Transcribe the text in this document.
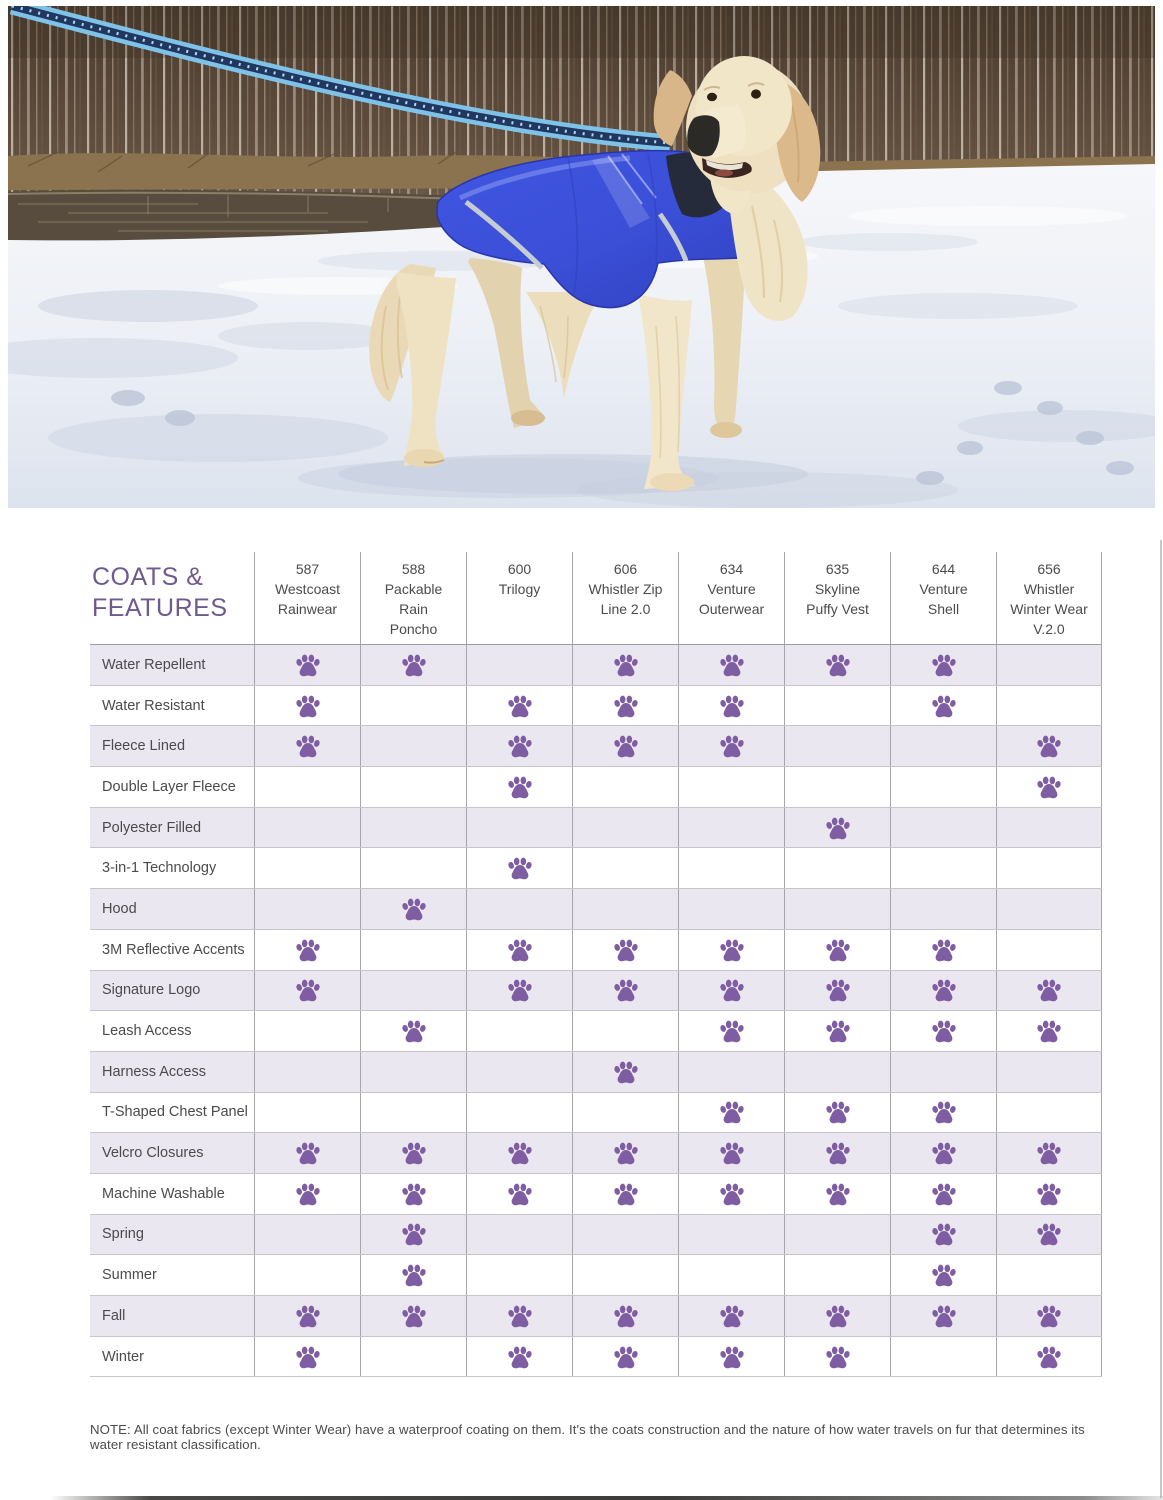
COATS &
FEATURES
587
Westcoast Rainwear
588
Packable Rain Poncho
600
Trilogy
606
Whistler Zip Line 2.0
634
Venture Outerwear
635
Skyline Puffy Vest
644
Venture Shell
656
Whistler Winter Wear V.2.0
Water Repellent
Water Resistant
Fleece Lined
Double Layer Fleece
Polyester Filled
3-in-1 Technology
Hood
3M Reflective Accents
Signature Logo
Leash Access
Harness Access
T-Shaped Chest Panel
Velcro Closures
Machine Washable
Spring
Summer
Fall
Winter
NOTE: All coat fabrics (except Winter Wear) have a waterproof coating on them. It's the coats construction and the nature of how water travels on fur that determines its water resistant classification.
